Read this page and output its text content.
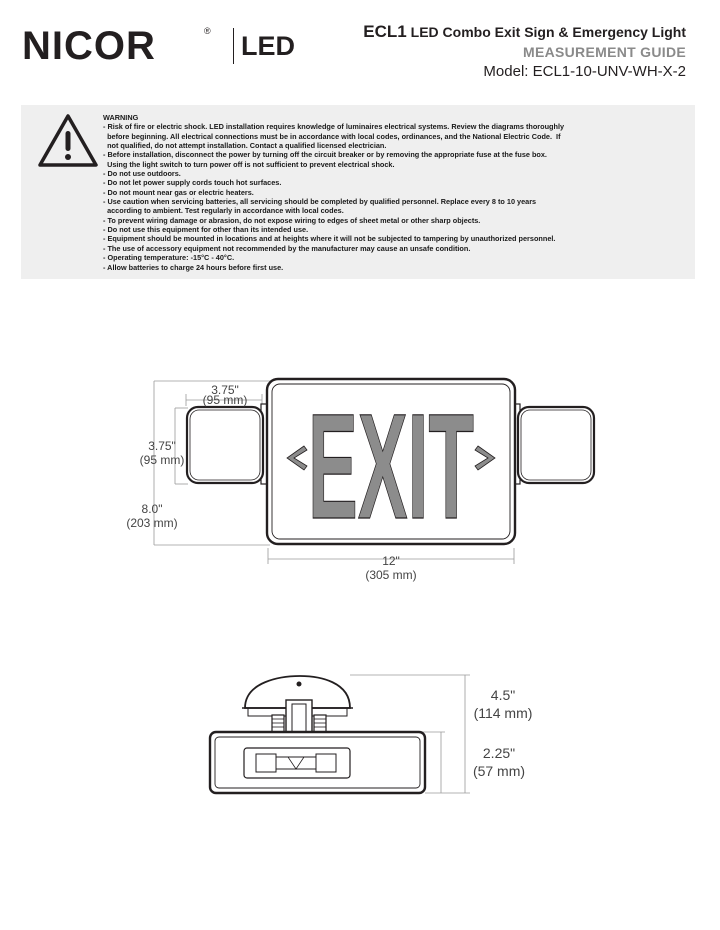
NICOR	® LED	ECL1 LED Combo Exit Sign & Emergency Light
MEASUREMENT GUIDE
Model: ECL1-10-UNV-WH-X-2
WARNING
- Risk of fire or electric shock. LED installation requires knowledge of luminaires electrical systems. Review the diagrams thoroughly
before beginning. All electrical connections must be in accordance with local codes, ordinances, and the National Electric Code.  If
not qualified, do not attempt installation. Contact a qualified licensed electrician.
- Before installation, disconnect the power by turning off the circuit breaker or by removing the appropriate fuse at the fuse box.
Using the light switch to turn power off is not sufficient to prevent electrical shock.
- Do not use outdoors.
- Do not let power supply cords touch hot surfaces.
- Do not mount near gas or electric heaters.
- Use caution when servicing batteries, all servicing should be completed by qualified personnel. Replace every 8 to 10 years
according to ambient. Test regularly in accordance with local codes.
- To prevent wiring damage or abrasion, do not expose wiring to edges of sheet metal or other sharp objects.
- Do not use this equipment for other than its intended use.
- Equipment should be mounted in locations and at heights where it will not be subjected to tampering by unauthorized personnel.
- The use of accessory equipment not recommended by the manufacturer may cause an unsafe condition.
- Operating temperature: -15°C - 40°C.
- Allow batteries to charge 24 hours before first use.
EXIT
3.75"
(95 mm)
3.75"
(95 mm)
8.0"
(203 mm)
12"
(305 mm)
4.5"
(114 mm)
2.25"
(57 mm)
